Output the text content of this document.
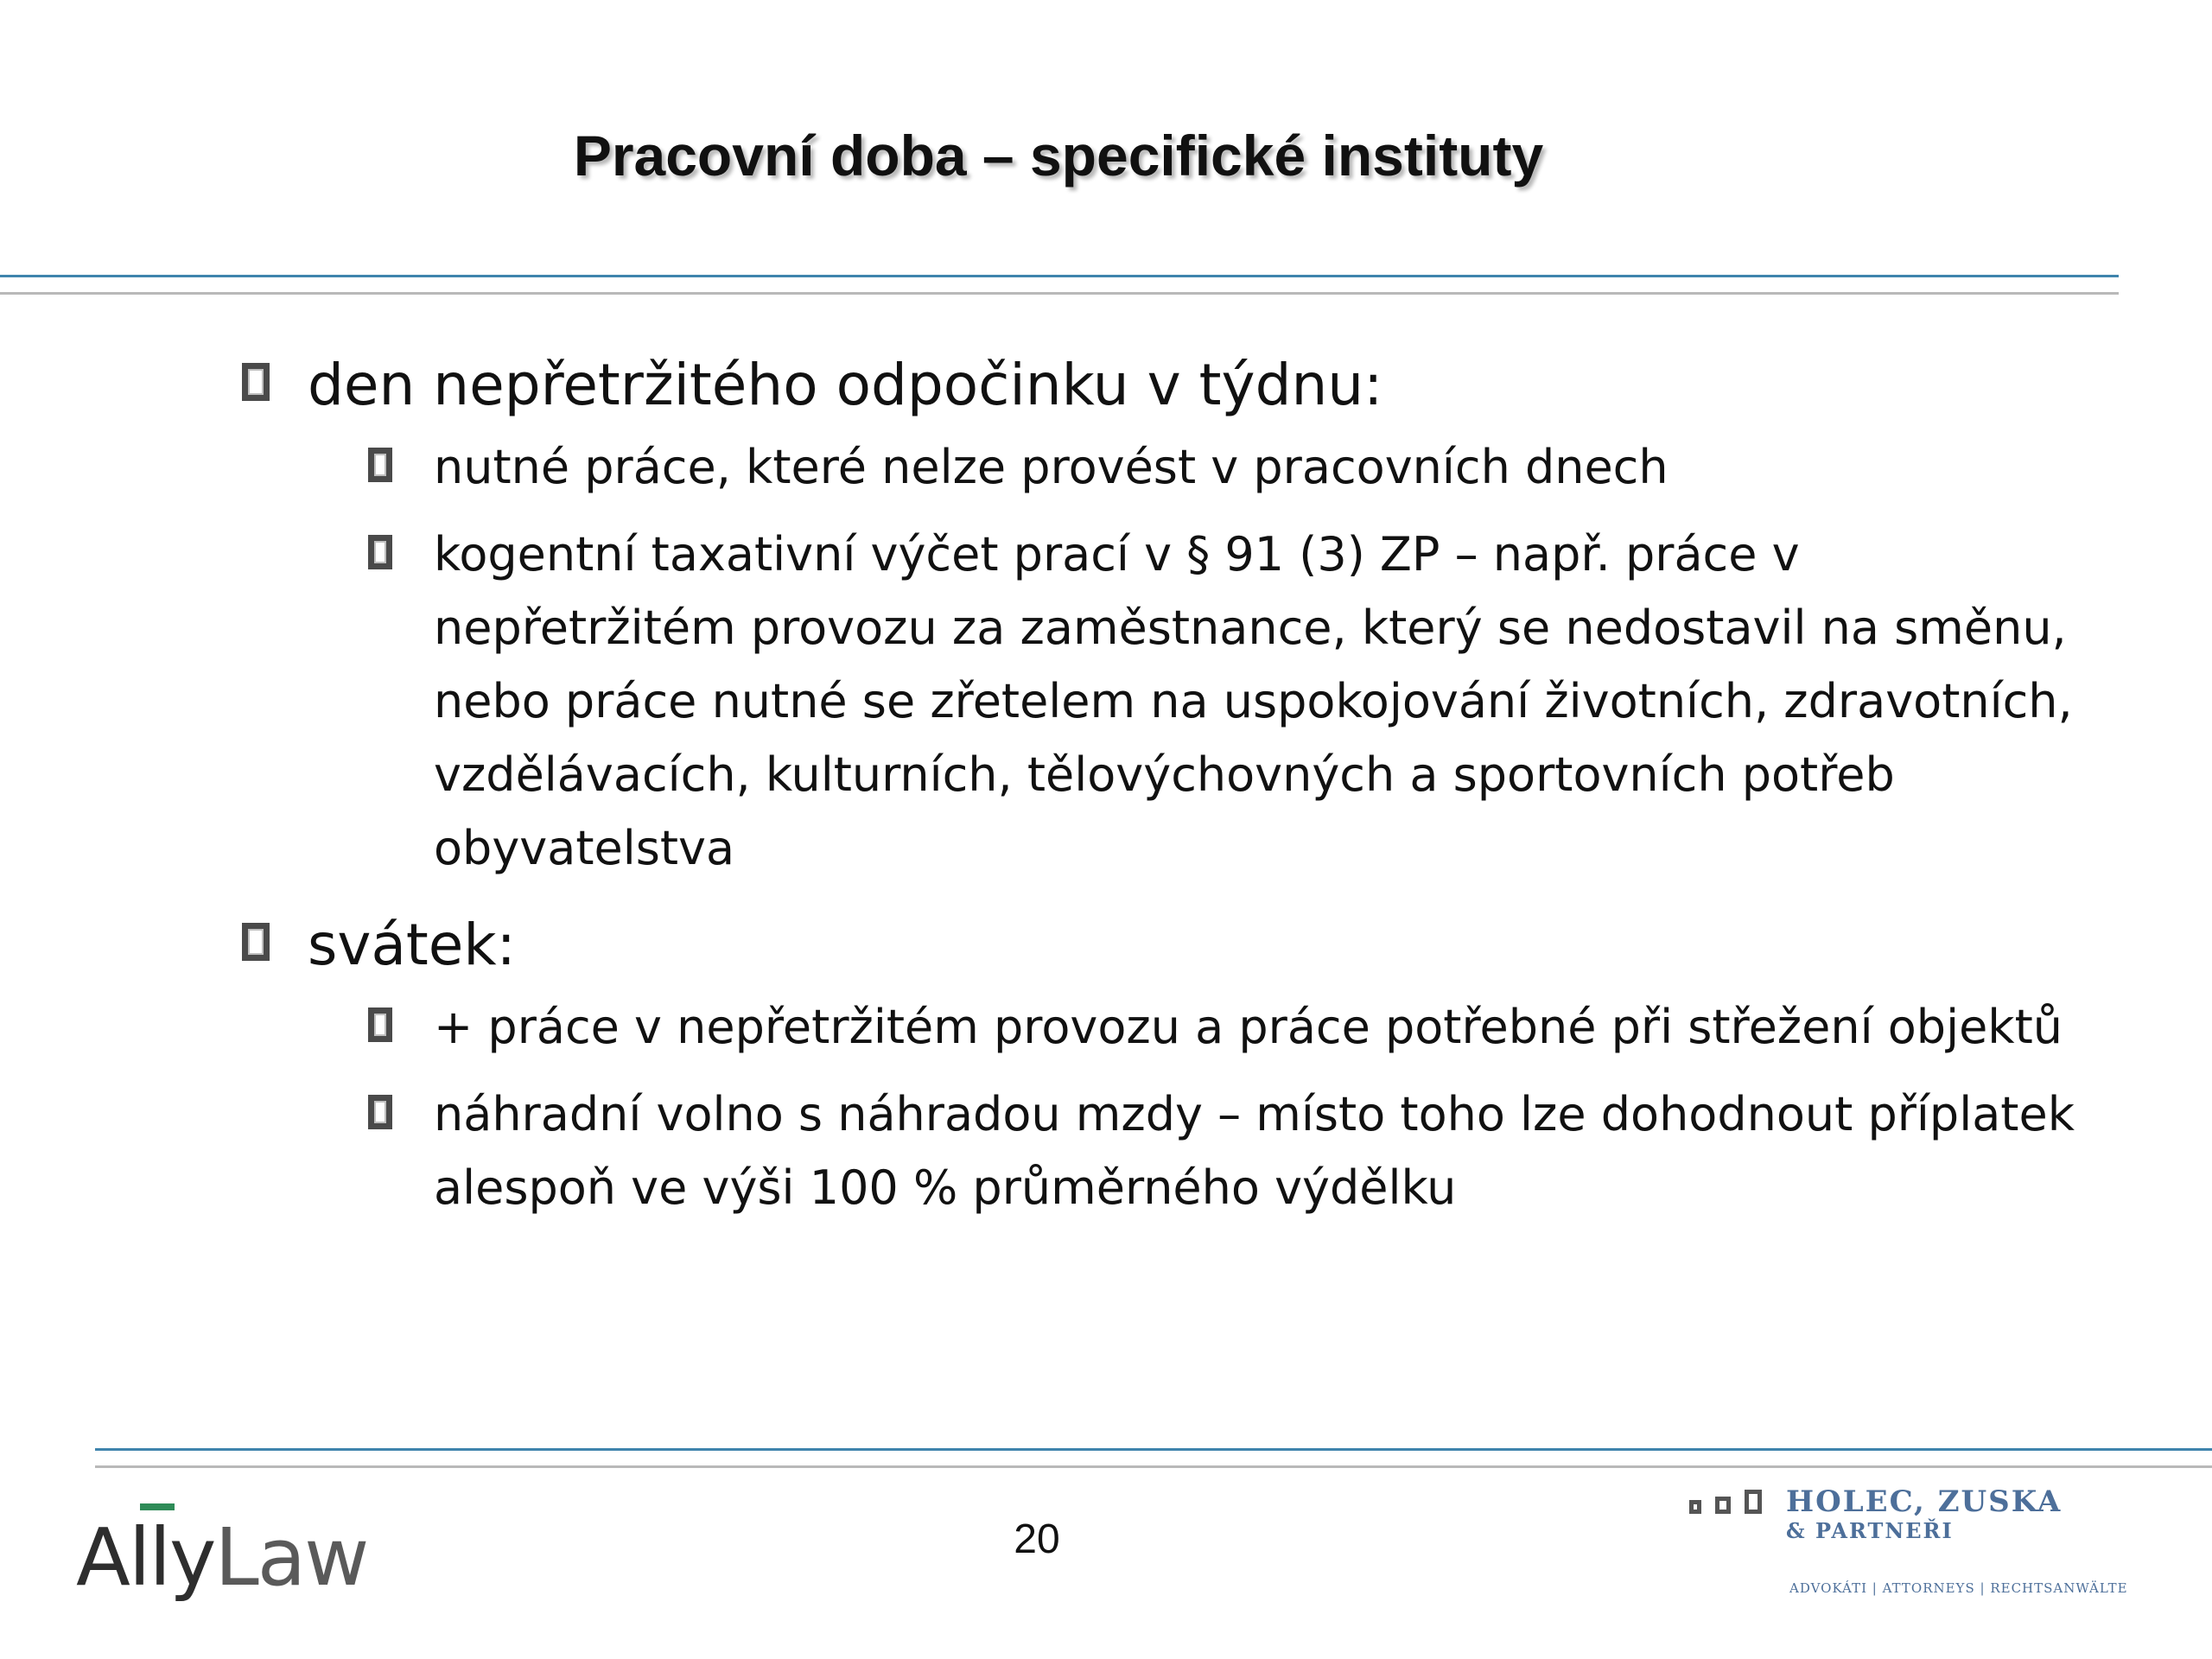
Pracovní doba – specifické instituty
den nepřetržitého odpočinku v týdnu:
nutné práce, které nelze provést v pracovních dnech
kogentní taxativní výčet prací v § 91 (3) ZP – např. práce v nepřetržitém provozu za zaměstnance, který se nedostavil na směnu, nebo práce nutné se zřetelem na uspokojování životních, zdravotních, vzdělávacích, kulturních, tělovýchovných a sportovních potřeb obyvatelstva
svátek:
+ práce v nepřetržitém provozu a práce potřebné při střežení objektů
náhradní volno s náhradou mzdy – místo toho lze dohodnout příplatek alespoň ve výši 100 % průměrného výdělku
AllyLaw	20
HOLEC, ZUSKA
& PARTNEŘI
ADVOKÁTI | ATTORNEYS | RECHTSANWÄLTE
